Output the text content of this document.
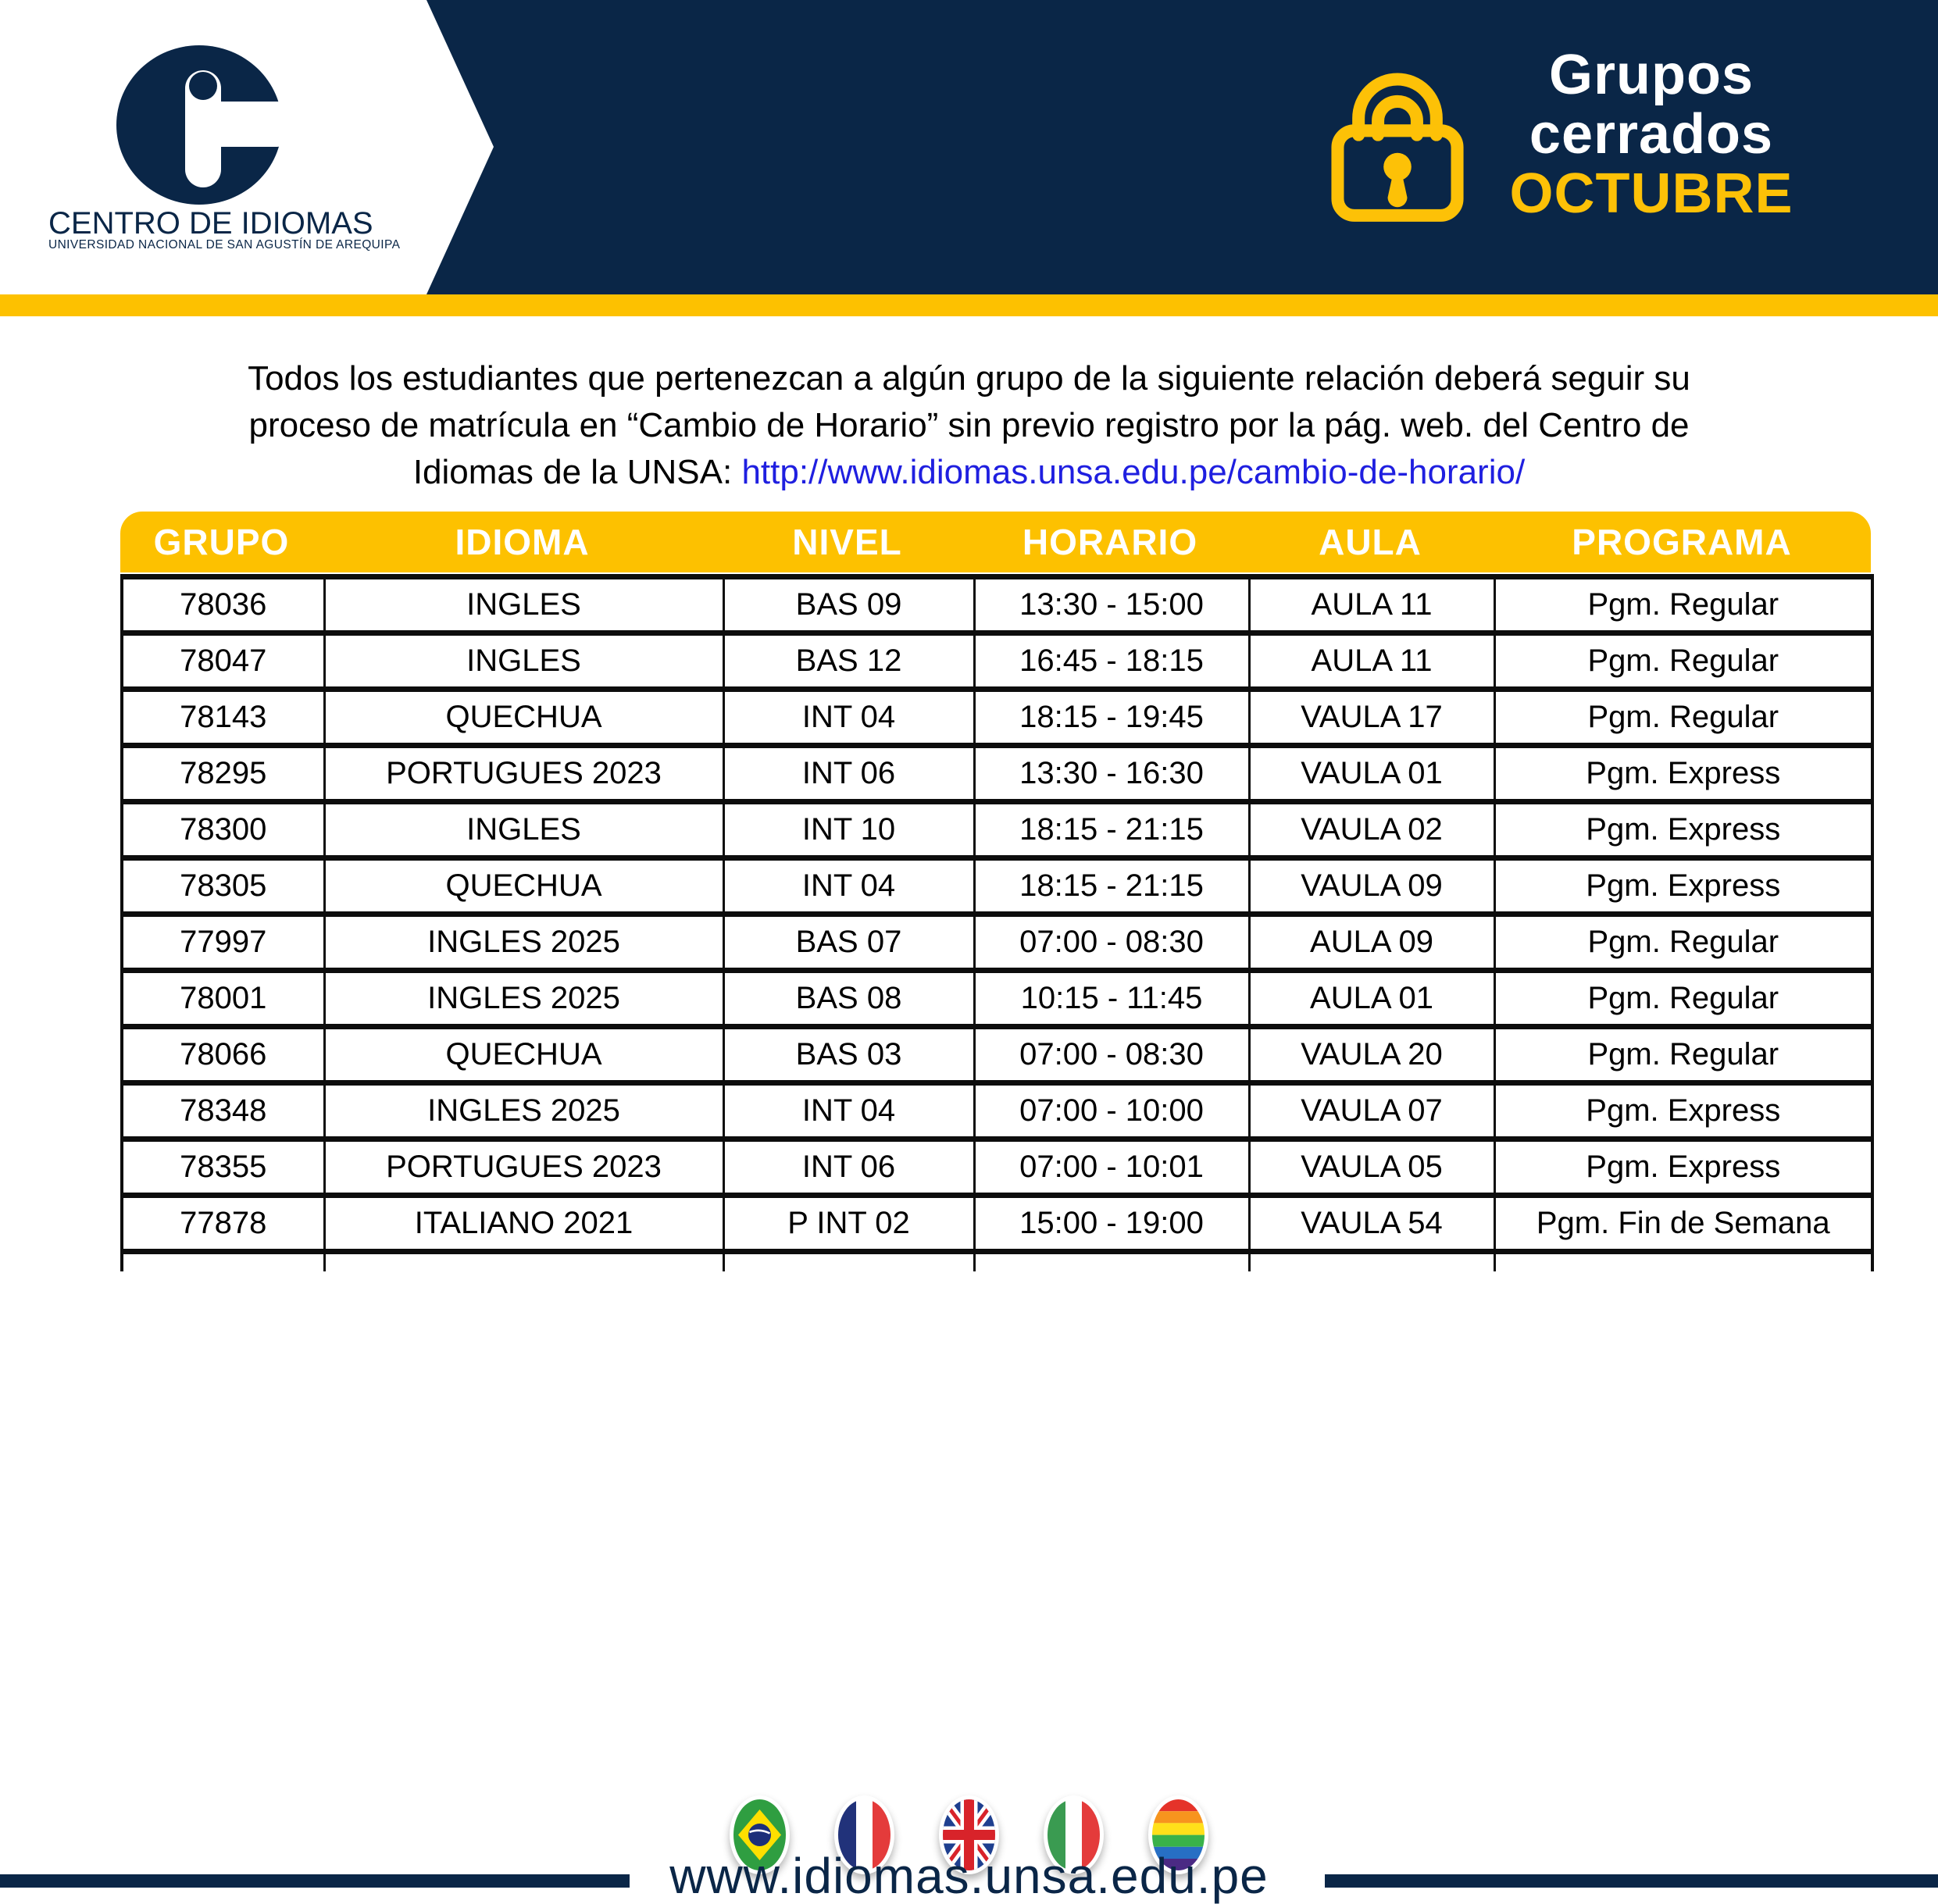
CENTRO DE IDIOMAS
UNIVERSIDAD NACIONAL DE SAN AGUSTÍN DE AREQUIPA
Grupos
cerrados
OCTUBRE
Todos los estudiantes que pertenezcan a algún grupo de la siguiente relación deberá seguir su
proceso de matrícula en “Cambio de Horario” sin previo registro por la pág. web. del Centro de
Idiomas de la UNSA: http://www.idiomas.unsa.edu.pe/cambio-de-horario/
GRUPO	IDIOMA	NIVEL	HORARIO	AULA	PROGRAMA
78036	INGLES	BAS 09	13:30 - 15:00	AULA 11	Pgm. Regular
78047	INGLES	BAS 12	16:45 - 18:15	AULA 11	Pgm. Regular
78143	QUECHUA	INT 04	18:15 - 19:45	VAULA 17	Pgm. Regular
78295	PORTUGUES 2023	INT 06	13:30 - 16:30	VAULA 01	Pgm. Express
78300	INGLES	INT 10	18:15 - 21:15	VAULA 02	Pgm. Express
78305	QUECHUA	INT 04	18:15 - 21:15	VAULA 09	Pgm. Express
77997	INGLES 2025	BAS 07	07:00 - 08:30	AULA 09	Pgm. Regular
78001	INGLES 2025	BAS 08	10:15 - 11:45	AULA 01	Pgm. Regular
78066	QUECHUA	BAS 03	07:00 - 08:30	VAULA 20	Pgm. Regular
78348	INGLES 2025	INT 04	07:00 - 10:00	VAULA 07	Pgm. Express
78355	PORTUGUES 2023	INT 06	07:00 - 10:01	VAULA 05	Pgm. Express
77878	ITALIANO 2021	P INT 02	15:00 - 19:00	VAULA 54	Pgm. Fin de Semana

www.idiomas.unsa.edu.pe
